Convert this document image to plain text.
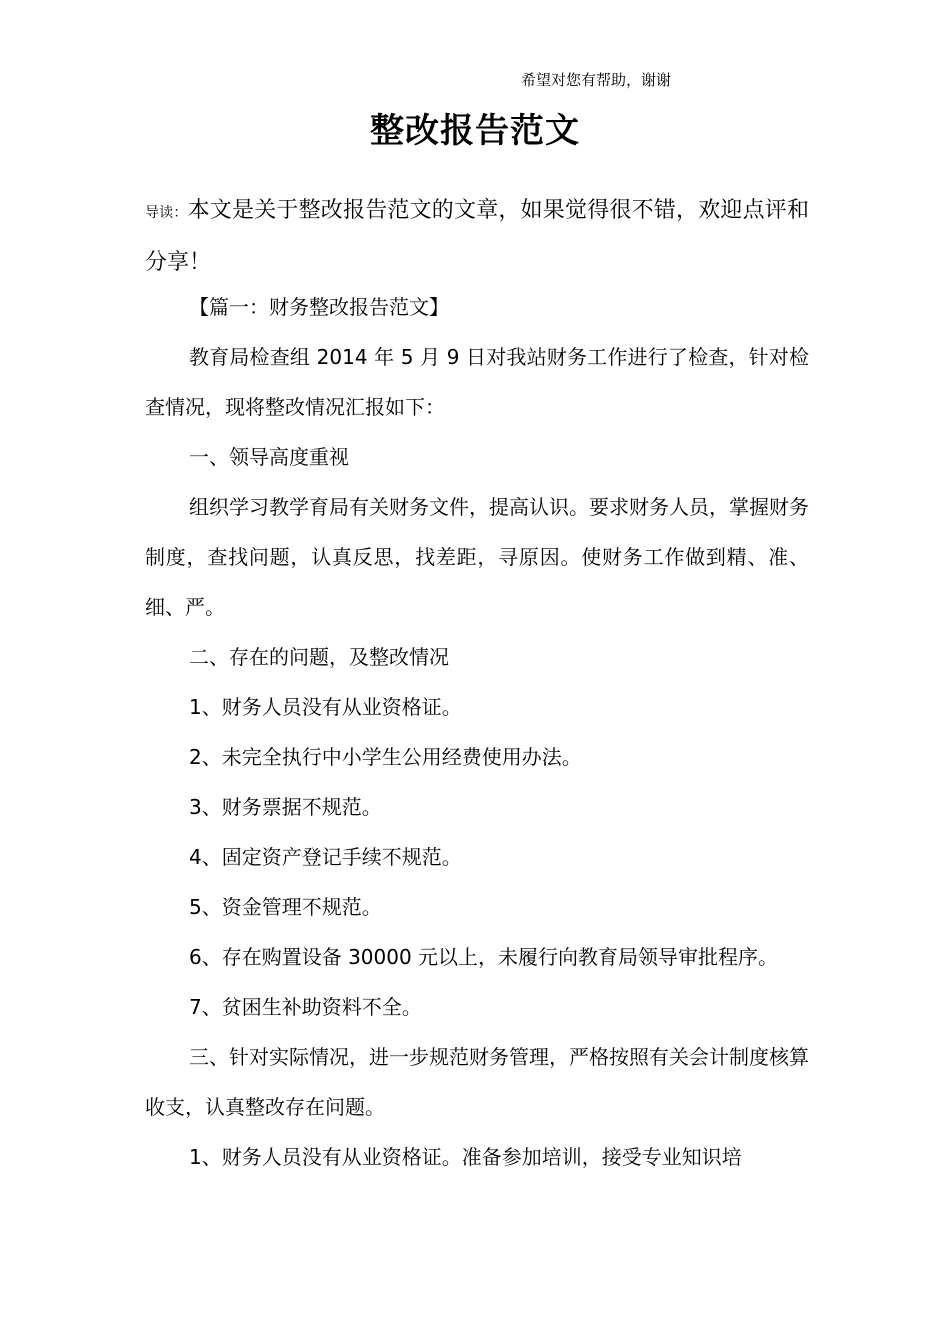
希望对您有帮助，谢谢
整改报告范文
导读：本文是关于整改报告范文的文章，如果觉得很不错，欢迎点评和分享！

【篇一：财务整改报告范文】

教育局检查组 2014 年 5 月 9 日对我站财务工作进行了检查，针对检查情况，现将整改情况汇报如下：

一、领导高度重视

组织学习教学育局有关财务文件，提高认识。要求财务人员，掌握财务制度，查找问题，认真反思，找差距，寻原因。使财务工作做到精、准、细、严。

二、存在的问题，及整改情况

1、财务人员没有从业资格证。

2、未完全执行中小学生公用经费使用办法。

3、财务票据不规范。

4、固定资产登记手续不规范。

5、资金管理不规范。

6、存在购置设备 30000 元以上，未履行向教育局领导审批程序。

7、贫困生补助资料不全。

三、针对实际情况，进一步规范财务管理，严格按照有关会计制度核算收支，认真整改存在问题。

1、财务人员没有从业资格证。准备参加培训，接受专业知识培
